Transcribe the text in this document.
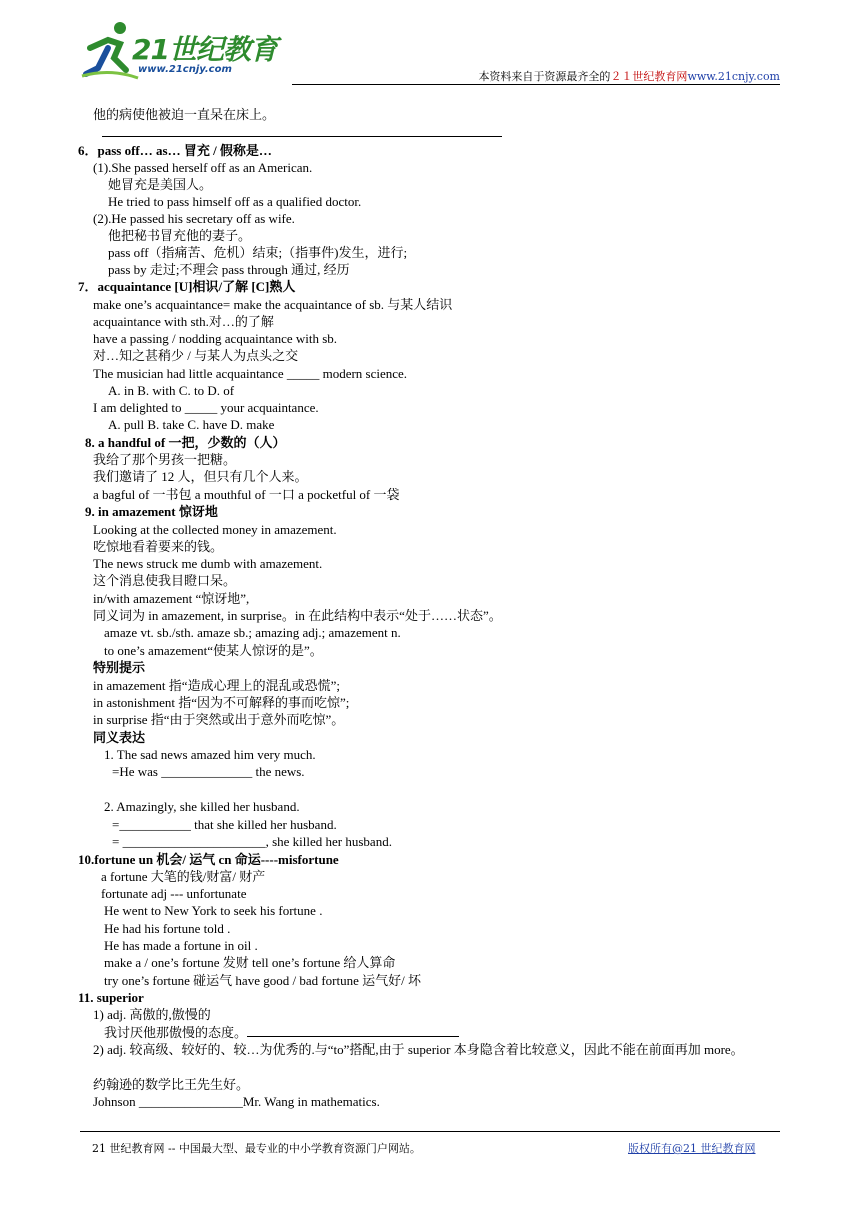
21世纪教育
www.21cnjy.com
本资料来自于资源最齐全的２１世纪教育网www.21cnjy.com
他的病使他被迫一直呆在床上。
6．pass off… as… 冒充 / 假称是…
(1).She passed herself off as an American.
她冒充是美国人。
He tried to pass himself off as a qualified doctor.
(2).He passed his secretary off as wife.
他把秘书冒充他的妻子。
pass off（指痛苦、危机）结束;（指事件)发生，进行;
pass by 走过;不理会 pass through 通过, 经历
7．acquaintance [U]相识/了解 [C]熟人
make one’s acquaintance= make the acquaintance of sb. 与某人结识
acquaintance with sth.对…的了解
have a passing / nodding acquaintance with sb.
对…知之甚稍少 / 与某人为点头之交
The musician had little acquaintance _____ modern science.
A. in B. with C. to D. of
I am delighted to _____ your acquaintance.
A. pull B. take C. have D. make
8. a handful of 一把，少数的（人）
我给了那个男孩一把糖。
我们邀请了 12 人，但只有几个人来。
a bagful of 一书包 a mouthful of 一口 a pocketful of 一袋
9. in amazement 惊讶地
Looking at the collected money in amazement.
吃惊地看着要来的钱。
The news struck me dumb with amazement.
这个消息使我目瞪口呆。
in/with amazement “惊讶地”,
同义词为 in amazement, in surprise。in 在此结构中表示“处于……状态”。
amaze vt. sb./sth. amaze sb.; amazing adj.; amazement n.
to one’s amazement“使某人惊讶的是”。
特别提示
in amazement 指“造成心理上的混乱或恐慌”;
in astonishment 指“因为不可解释的事而吃惊”;
in surprise 指“由于突然或出于意外而吃惊”。
同义表达
1. The sad news amazed him very much.
=He was ______________ the news.
2. Amazingly, she killed her husband.
=___________ that she killed her husband.
= ______________________, she killed her husband.
10.fortune un 机会/ 运气 cn 命运----misfortune
a fortune 大笔的钱/财富/ 财产
fortunate adj --- unfortunate
He went to New York to seek his fortune .
He had his fortune told .
He has made a fortune in oil .
make a / one’s fortune 发财 tell one’s fortune 给人算命
try one’s fortune 碰运气 have good / bad fortune 运气好/ 坏
11. superior
1) adj. 高傲的,傲慢的
我讨厌他那傲慢的态度。
2) adj. 较高级、较好的、较…为优秀的.与“to”搭配,由于 superior 本身隐含着比较意义，因此不能在前面再加 more。
约翰逊的数学比王先生好。
Johnson ________________Mr. Wang in mathematics.
21 世纪教育网 -- 中国最大型、最专业的中小学教育资源门户网站。	版权所有@21 世纪教育网
